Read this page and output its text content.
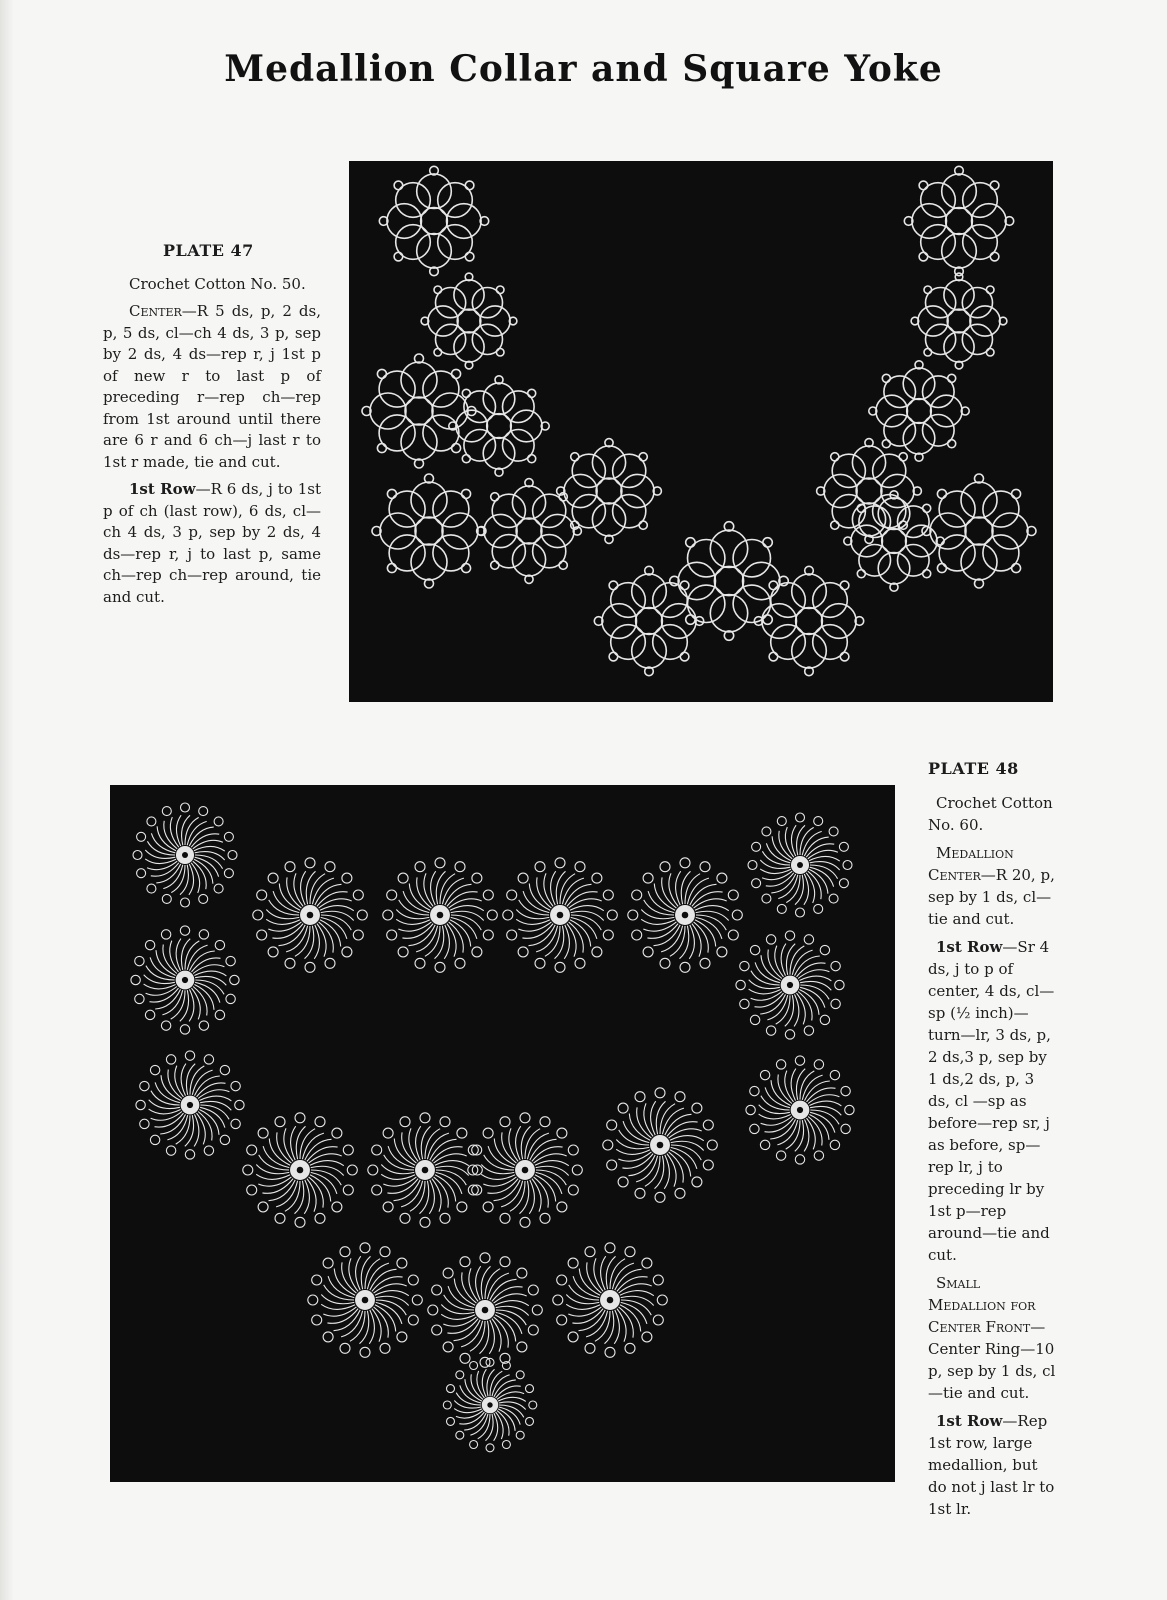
Medallion Collar and Square Yoke

PLATE 47

Crochet Cotton No. 50.

Center—R 5 ds, p, 2 ds, p, 5 ds, cl—ch 4 ds, 3 p, sep by 2 ds, 4 ds—rep r, j 1st p of new r to last p of preceding r—rep ch—rep from 1st around until there are 6 r and 6 ch—j last r to 1st r made, tie and cut.

1st Row—R 6 ds, j to 1st p of ch (last row), 6 ds, cl—ch 4 ds, 3 p, sep by 2 ds, 4 ds—rep r, j to last p, same ch—rep ch—rep around, tie and cut.

PLATE 48

Crochet Cotton No. 60.

Medallion Center—R 20, p, sep by 1 ds, cl—tie and cut.

1st Row—Sr 4 ds, j to p of center, 4 ds, cl—sp (½ inch)—turn—lr, 3 ds, p, 2 ds,3 p, sep by 1 ds,2 ds, p, 3 ds, cl —sp as before—rep sr, j as before, sp—rep lr, j to preceding lr by 1st p—rep around—tie and cut.

Small Medallion for Center Front—Center Ring—10 p, sep by 1 ds, cl—tie and cut.

1st Row—Rep 1st row, large medallion, but do not j last lr to 1st lr.
